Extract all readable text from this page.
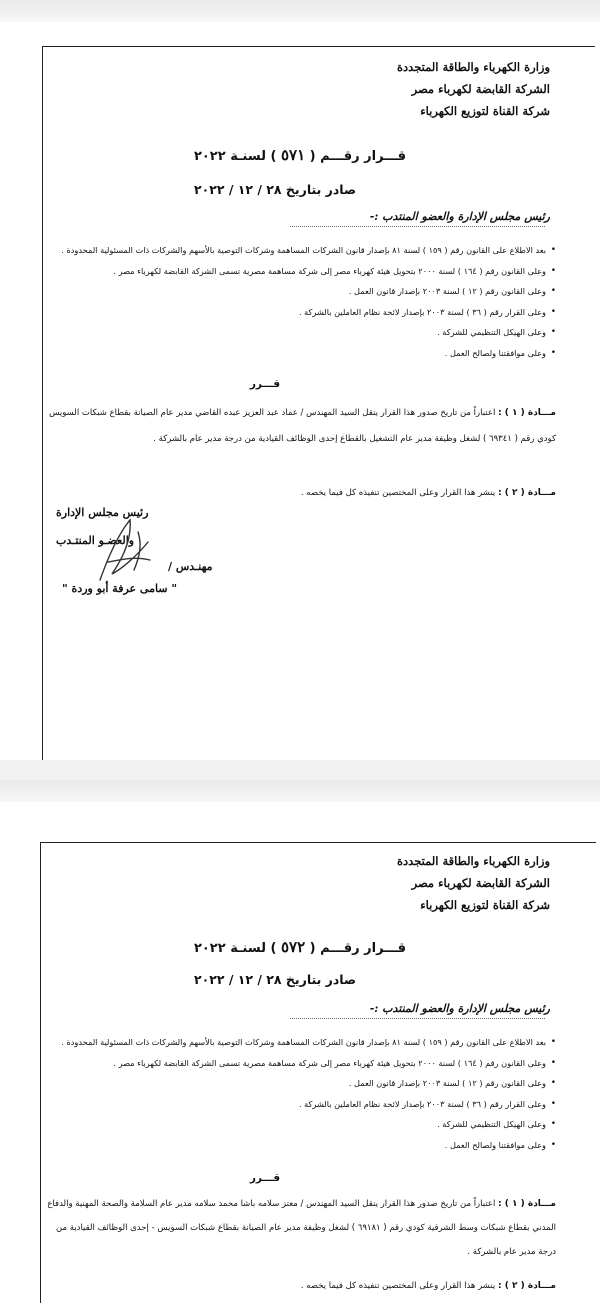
وزارة الكهرباء والطاقة المتجددة
الشركة القابضة لكهرباء مصر
شركة القناة لتوزيع الكهرباء
قـــرار رقـــم ( ٥٧١ ) لسنـة ٢٠٢٢
صادر بتاريخ ٢٨ / ١٢ / ٢٠٢٢
رئيس مجلس الإدارة والعضو المنتدب :-
• بعد الاطلاع على القانون رقم ( ١٥٩ ) لسنة ٨١ بإصدار قانون الشركات المساهمة وشركات التوصية بالأسهم والشركات ذات المسئولية المحدودة .
• وعلى القانون رقم ( ١٦٤ ) لسنة ٢٠٠٠ بتحويل هيئة كهرباء مصر إلى شركة مساهمة مصرية تسمى الشركة القابضة لكهرباء مصر .
• وعلى القانون رقم ( ١٢ ) لسنة ٢٠٠٣ بإصدار قانون العمل .
• وعلى القرار رقم ( ٣٦ ) لسنة ٢٠٠٣ بإصدار لائحة نظام العاملين بالشركة .
• وعلى الهيكل التنظيمي للشركة .
• وعلى موافقتنا ولصالح العمل .
قـــرر
مـــادة ( ١ ) : اعتباراً من تاريخ صدور هذا القرار ينقل السيد المهندس / عماد عبد العزيز عبده القاضي مدير عام الصيانة بقطاع شبكات السويس كودي رقم ( ٦٩٣٤١ ) لشغل وظيفة مدير عام التشغيل بالقطاع إحدى الوظائف القيادية من درجة مدير عام بالشركة .
مـــادة ( ٢ ) : ينشر هذا القرار وعلى المختصين تنفيذه كل فيما يخصه .
رئيس مجلس الإدارة
والعضـو المنتـدب
مهنـدس /
" سامى عرفة أبو وردة "
وزارة الكهرباء والطاقة المتجددة
الشركة القابضة لكهرباء مصر
شركة القناة لتوزيع الكهرباء
قـــرار رقـــم ( ٥٧٢ ) لسنـة ٢٠٢٢
صادر بتاريخ ٢٨ / ١٢ / ٢٠٢٢
رئيس مجلس الإدارة والعضو المنتدب :-
• بعد الاطلاع على القانون رقم ( ١٥٩ ) لسنة ٨١ بإصدار قانون الشركات المساهمة وشركات التوصية بالأسهم والشركات ذات المسئولية المحدودة .
• وعلى القانون رقم ( ١٦٤ ) لسنة ٢٠٠٠ بتحويل هيئة كهرباء مصر إلى شركة مساهمة مصرية تسمى الشركة القابضة لكهرباء مصر .
• وعلى القانون رقم ( ١٢ ) لسنة ٢٠٠٣ بإصدار قانون العمل .
• وعلى القرار رقم ( ٣٦ ) لسنة ٢٠٠٣ بإصدار لائحة نظام العاملين بالشركة .
• وعلى الهيكل التنظيمي للشركة .
• وعلى موافقتنا ولصالح العمل .
قـــرر
مـــادة ( ١ ) : اعتباراً من تاريخ صدور هذا القرار ينقل السيد المهندس / معتز سلامه باشا محمد سلامه مدير عام السلامة والصحة المهنية والدفاع المدني بقطاع شبكات وسط الشرقية كودي رقم ( ٦٩١٨١ ) لشغل وظيفة مدير عام الصيانة بقطاع شبكات السويس - إحدى الوظائف القيادية من درجة مدير عام بالشركة .
مـــادة ( ٢ ) : ينشر هذا القرار وعلى المختصين تنفيذه كل فيما يخصه .
